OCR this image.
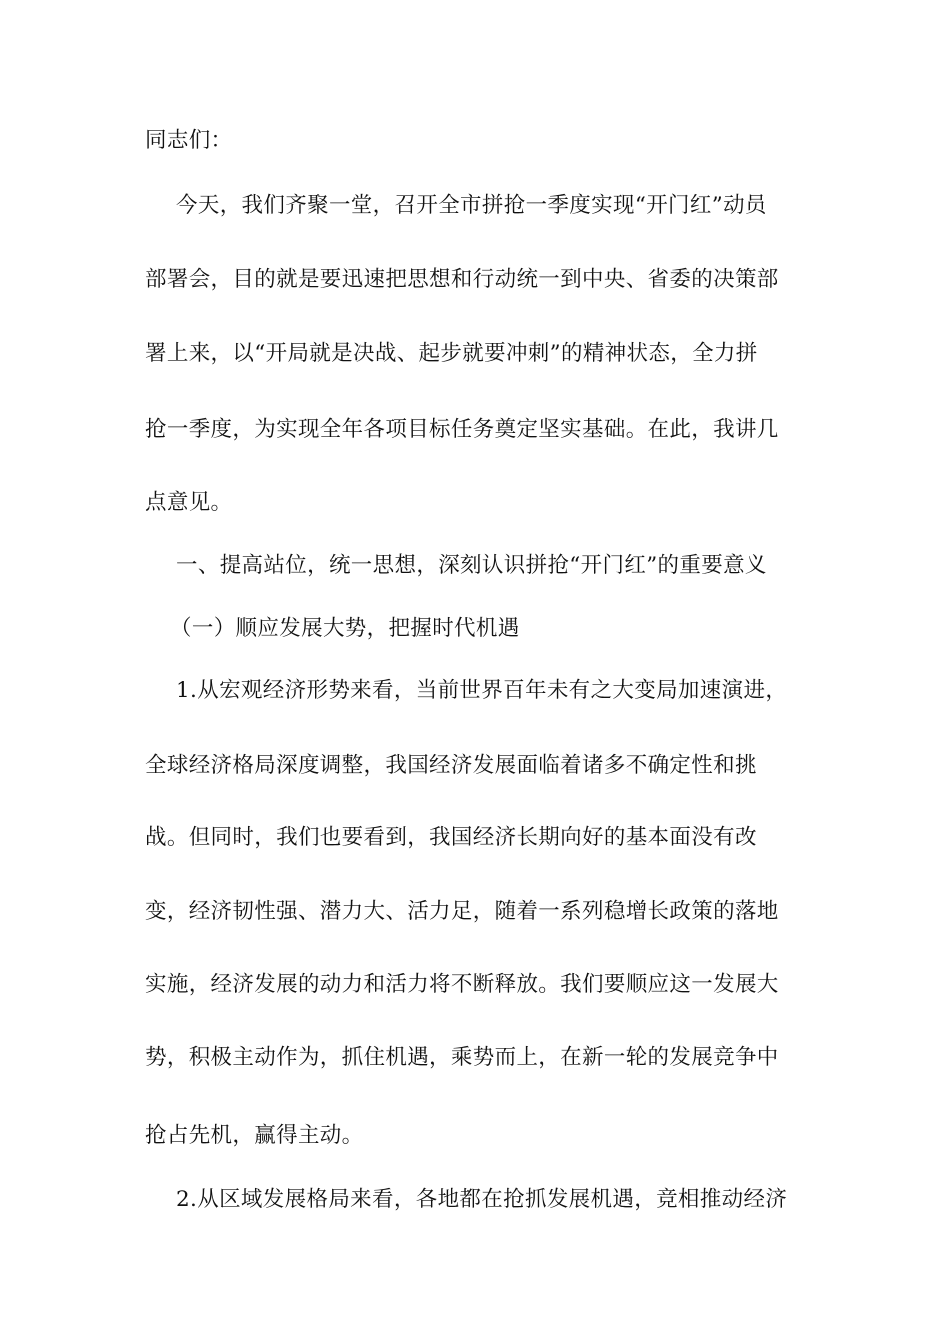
同志们：
今天，我们齐聚一堂，召开全市拼抢一季度实现“开门红”动员
部署会，目的就是要迅速把思想和行动统一到中央、省委的决策部
署上来，以“开局就是决战、起步就要冲刺”的精神状态，全力拼
抢一季度，为实现全年各项目标任务奠定坚实基础。在此，我讲几
点意见。
一、提高站位，统一思想，深刻认识拼抢“开门红”的重要意义
（一）顺应发展大势，把握时代机遇
1.从宏观经济形势来看，当前世界百年未有之大变局加速演进，
全球经济格局深度调整，我国经济发展面临着诸多不确定性和挑
战。但同时，我们也要看到，我国经济长期向好的基本面没有改
变，经济韧性强、潜力大、活力足，随着一系列稳增长政策的落地
实施，经济发展的动力和活力将不断释放。我们要顺应这一发展大
势，积极主动作为，抓住机遇，乘势而上，在新一轮的发展竞争中
抢占先机，赢得主动。
2.从区域发展格局来看，各地都在抢抓发展机遇，竞相推动经济
